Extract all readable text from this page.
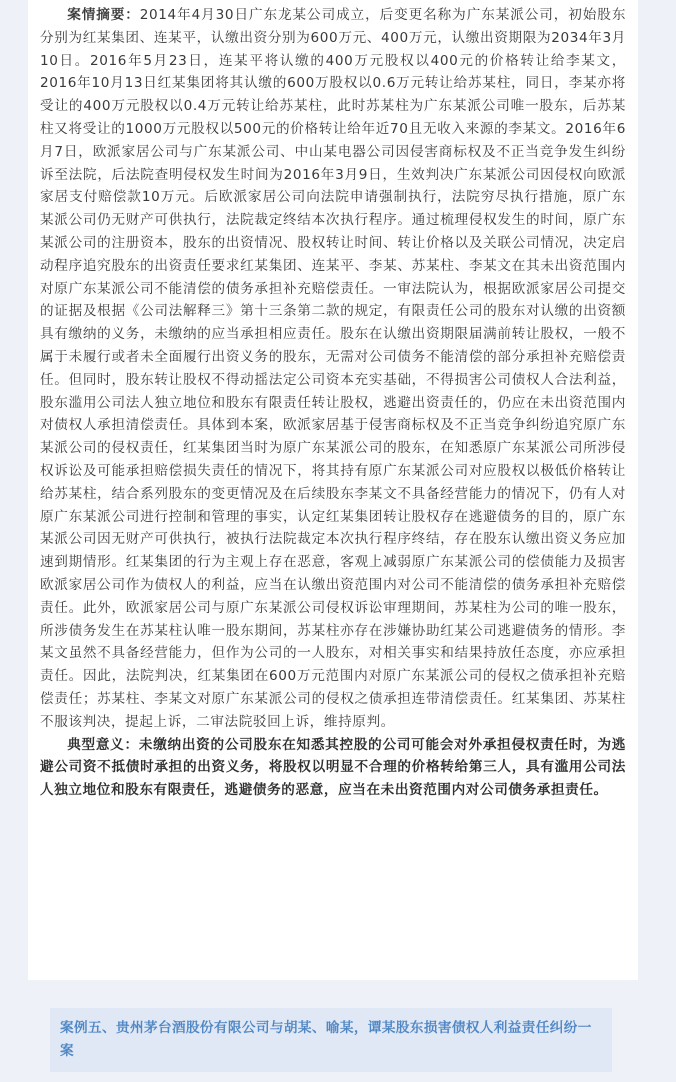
案情摘要：2014年4月30日广东龙某公司成立，后变更名称为广东某派公司，初始股东分别为红某集团、连某平，认缴出资分别为600万元、400万元，认缴出资期限为2034年3月10日。2016年5月23日，连某平将认缴的400万元股权以400元的价格转让给李某文，2016年10月13日红某集团将其认缴的600万股权以0.6万元转让给苏某柱，同日，李某亦将受让的400万元股权以0.4万元转让给苏某柱，此时苏某柱为广东某派公司唯一股东，后苏某柱又将受让的1000万元股权以500元的价格转让给年近70且无收入来源的李某文。2016年6月7日，欧派家居公司与广东某派公司、中山某电器公司因侵害商标权及不正当竞争发生纠纷诉至法院，后法院查明侵权发生时间为2016年3月9日，生效判决广东某派公司因侵权向欧派家居支付赔偿款10万元。后欧派家居公司向法院申请强制执行，法院穷尽执行措施，原广东某派公司仍无财产可供执行，法院裁定终结本次执行程序。通过梳理侵权发生的时间，原广东某派公司的注册资本，股东的出资情况、股权转让时间、转让价格以及关联公司情况，决定启动程序追究股东的出资责任要求红某集团、连某平、李某、苏某柱、李某文在其未出资范围内对原广东某派公司不能清偿的债务承担补充赔偿责任。一审法院认为，根据欧派家居公司提交的证据及根据《公司法解释三》第十三条第二款的规定，有限责任公司的股东对认缴的出资额具有缴纳的义务，未缴纳的应当承担相应责任。股东在认缴出资期限届满前转让股权，一般不属于未履行或者未全面履行出资义务的股东，无需对公司债务不能清偿的部分承担补充赔偿责任。但同时，股东转让股权不得动摇法定公司资本充实基础，不得损害公司债权人合法利益，股东滥用公司法人独立地位和股东有限责任转让股权，逃避出资责任的，仍应在未出资范围内对债权人承担清偿责任。具体到本案，欧派家居基于侵害商标权及不正当竞争纠纷追究原广东某派公司的侵权责任，红某集团当时为原广东某派公司的股东，在知悉原广东某派公司所涉侵权诉讼及可能承担赔偿损失责任的情况下，将其持有原广东某派公司对应股权以极低价格转让给苏某柱，结合系列股东的变更情况及在后续股东李某文不具备经营能力的情况下，仍有人对原广东某派公司进行控制和管理的事实，认定红某集团转让股权存在逃避债务的目的，原广东某派公司因无财产可供执行，被执行法院裁定本次执行程序终结，存在股东认缴出资义务应加速到期情形。红某集团的行为主观上存在恶意，客观上减弱原广东某派公司的偿债能力及损害欧派家居公司作为债权人的利益，应当在认缴出资范围内对公司不能清偿的债务承担补充赔偿责任。此外，欧派家居公司与原广东某派公司侵权诉讼审理期间，苏某柱为公司的唯一股东，所涉债务发生在苏某柱认唯一股东期间，苏某柱亦存在涉嫌协助红某公司逃避债务的情形。李某文虽然不具备经营能力，但作为公司的一人股东，对相关事实和结果持放任态度，亦应承担责任。因此，法院判决，红某集团在600万元范围内对原广东某派公司的侵权之债承担补充赔偿责任；苏某柱、李某文对原广东某派公司的侵权之债承担连带清偿责任。红某集团、苏某柱不服该判决，提起上诉，二审法院驳回上诉，维持原判。

典型意义：未缴纳出资的公司股东在知悉其控股的公司可能会对外承担侵权责任时，为逃避公司资不抵债时承担的出资义务，将股权以明显不合理的价格转给第三人，具有滥用公司法人独立地位和股东有限责任，逃避债务的恶意，应当在未出资范围内对公司债务承担责任。

案例五、贵州茅台酒股份有限公司与胡某、喻某，谭某股东损害债权人利益责任纠纷一案
